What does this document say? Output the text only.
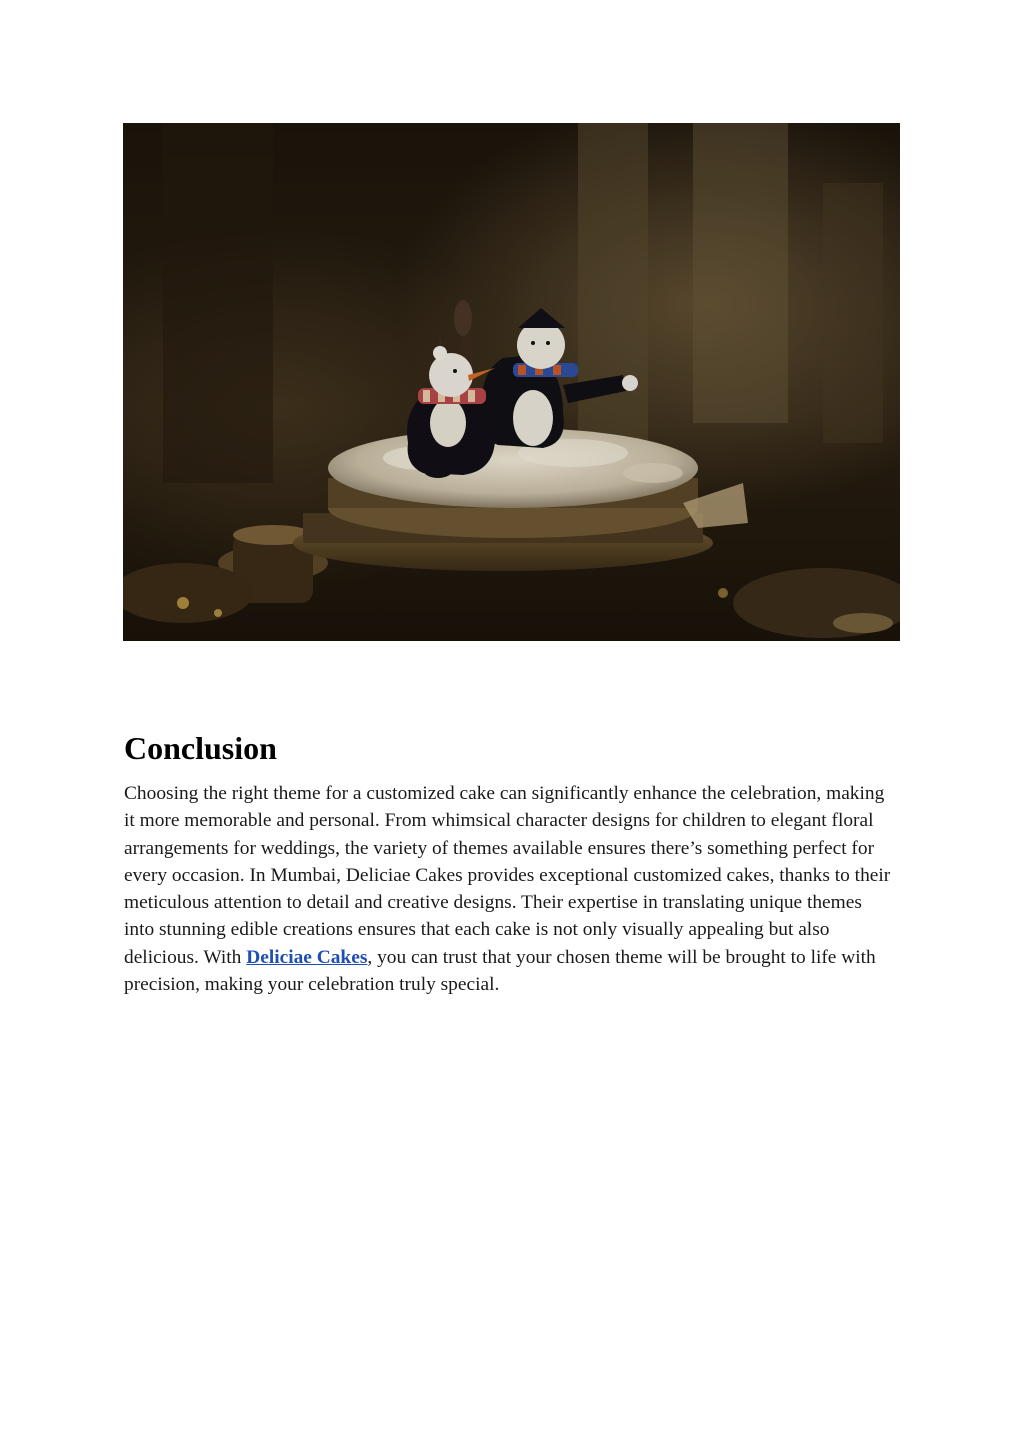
Conclusion

Choosing the right theme for a customized cake can significantly enhance the celebration, making it more memorable and personal. From whimsical character designs for children to elegant floral arrangements for weddings, the variety of themes available ensures there’s something perfect for every occasion. In Mumbai, Deliciae Cakes provides exceptional customized cakes, thanks to their meticulous attention to detail and creative designs. Their expertise in translating unique themes into stunning edible creations ensures that each cake is not only visually appealing but also delicious. With Deliciae Cakes, you can trust that your chosen theme will be brought to life with precision, making your celebration truly special.
